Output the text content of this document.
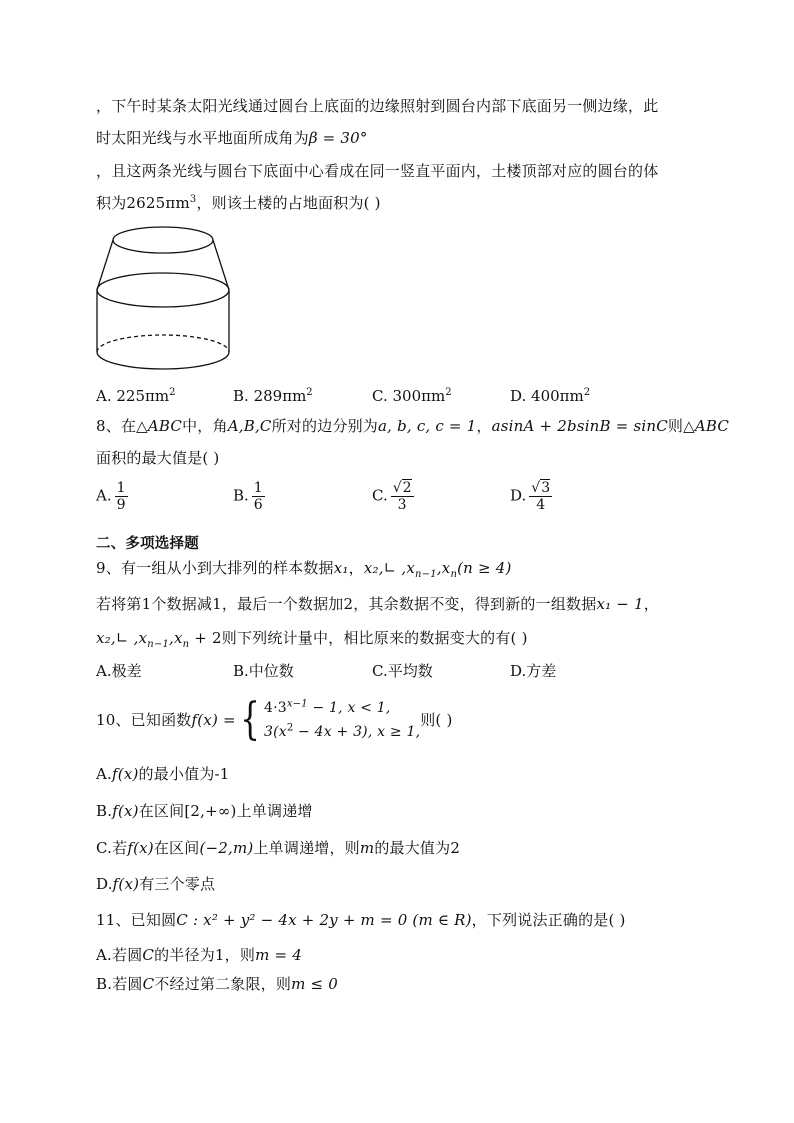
，下午时某条太阳光线通过圆台上底面的边缘照射到圆台内部下底面另一侧边缘，此
时太阳光线与水平地面所成角为β = 30°
，且这两条光线与圆台下底面中心看成在同一竖直平面内，土楼顶部对应的圆台的体
积为$2625\pi m^3$，则该土楼的占地面积为( )
A. $225\pi m^2$	B. $289\pi m^2$	C. $300\pi m^2$	D. $400\pi m^2$
8、在△ABC中，角A,B,C所对的边分别为a, b, c, c = 1，asinA + 2bsinB = sinC则△ABC
面积的最大值是( )
A. $\frac{1}{9}$	B. $\frac{1}{6}$	C. $\frac{√2}{3}$	D. $\frac{√3}{4}$
二、多项选择题
9、有一组从小到大排列的样本数据x₁，x₂,∟ $,x_{n-1},x_n(n \ge 4)$
若将第1个数据减1，最后一个数据加2，其余数据不变，得到新的一组数据x₁ − 1，
x₂,∟ $,x_{n-1},x_n + 2$则下列统计量中，相比原来的数据变大的有( )
A.极差	B.中位数	C.平均数	D.方差
10、已知函数 f(x) = { $4\cdot 3^{x-1} - 1$, x < 1,
$3(x^2 - 4x + 3)$, x ≥ 1,
则( )
A.f(x)的最小值为-1
B.f(x)在区间[2,+∞)上单调递增
C.若f(x)在区间(−2,m)上单调递增，则m的最大值为2
D.f(x)有三个零点
11、已知圆C : x² + y² − 4x + 2y + m = 0 (m ∈ R)，下列说法正确的是( )
A.若圆C的半径为1，则m = 4
B.若圆C不经过第二象限，则m ≤ 0
